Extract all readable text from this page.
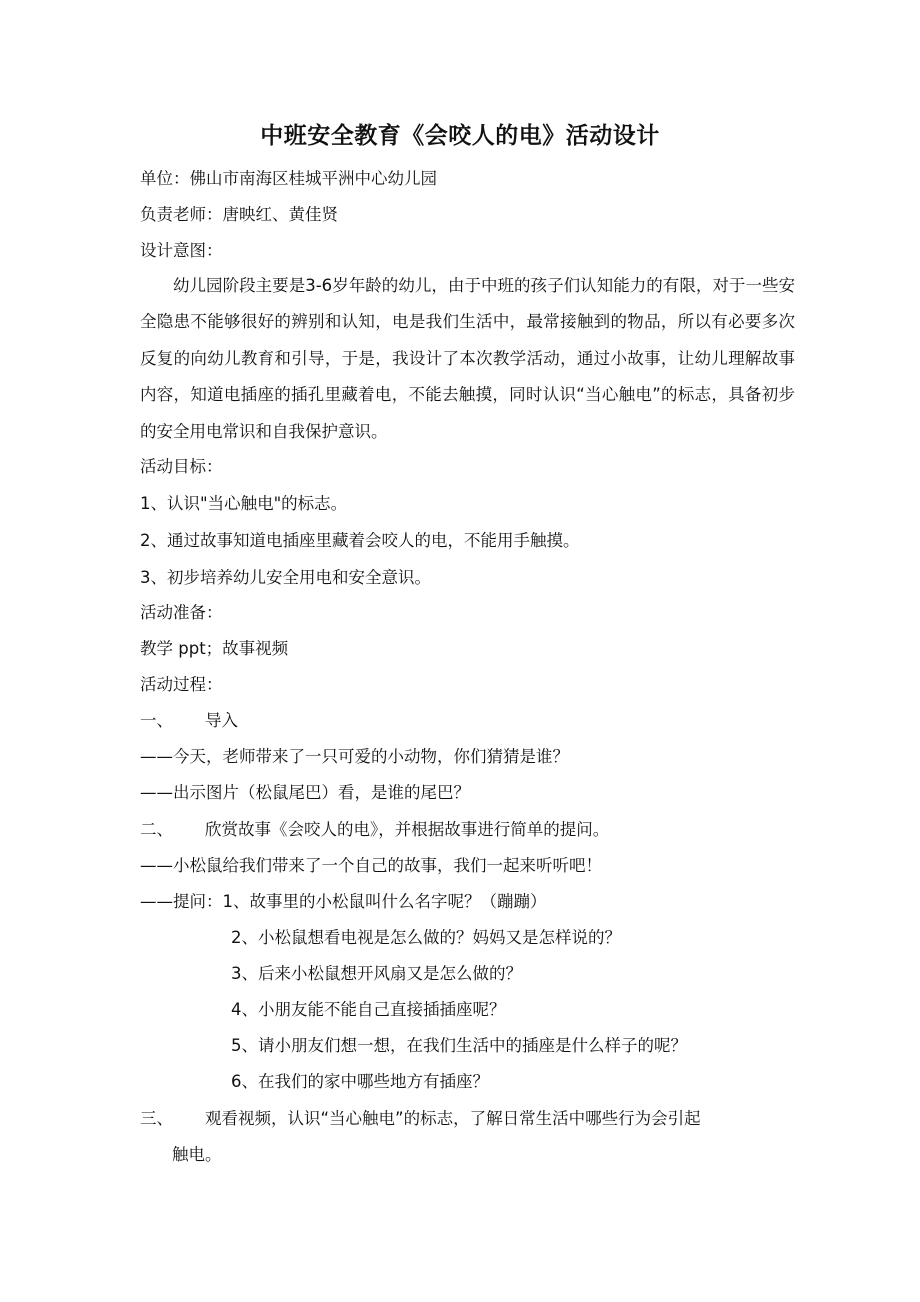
中班安全教育《会咬人的电》活动设计
单位：佛山市南海区桂城平洲中心幼儿园
负责老师：唐映红、黄佳贤
设计意图：
幼儿园阶段主要是3-6岁年龄的幼儿，由于中班的孩子们认知能力的有限，对于一些安全隐患不能够很好的辨别和认知，电是我们生活中，最常接触到的物品，所以有必要多次反复的向幼儿教育和引导，于是，我设计了本次教学活动，通过小故事，让幼儿理解故事内容，知道电插座的插孔里藏着电，不能去触摸，同时认识“当心触电”的标志，具备初步的安全用电常识和自我保护意识。
活动目标：
1、认识"当心触电"的标志。
2、通过故事知道电插座里藏着会咬人的电，不能用手触摸。
3、初步培养幼儿安全用电和安全意识。
活动准备：
教学 ppt；故事视频
活动过程：
一、 导入
——今天，老师带来了一只可爱的小动物，你们猜猜是谁？
——出示图片（松鼠尾巴）看，是谁的尾巴？
二、 欣赏故事《会咬人的电》，并根据故事进行简单的提问。
——小松鼠给我们带来了一个自己的故事，我们一起来听听吧！
——提问：1、故事里的小松鼠叫什么名字呢？（蹦蹦）
2、小松鼠想看电视是怎么做的？妈妈又是怎样说的？
3、后来小松鼠想开风扇又是怎么做的？
4、小朋友能不能自己直接插插座呢？
5、请小朋友们想一想，在我们生活中的插座是什么样子的呢？
6、在我们的家中哪些地方有插座？
三、 观看视频，认识“当心触电”的标志，了解日常生活中哪些行为会引起
触电。
